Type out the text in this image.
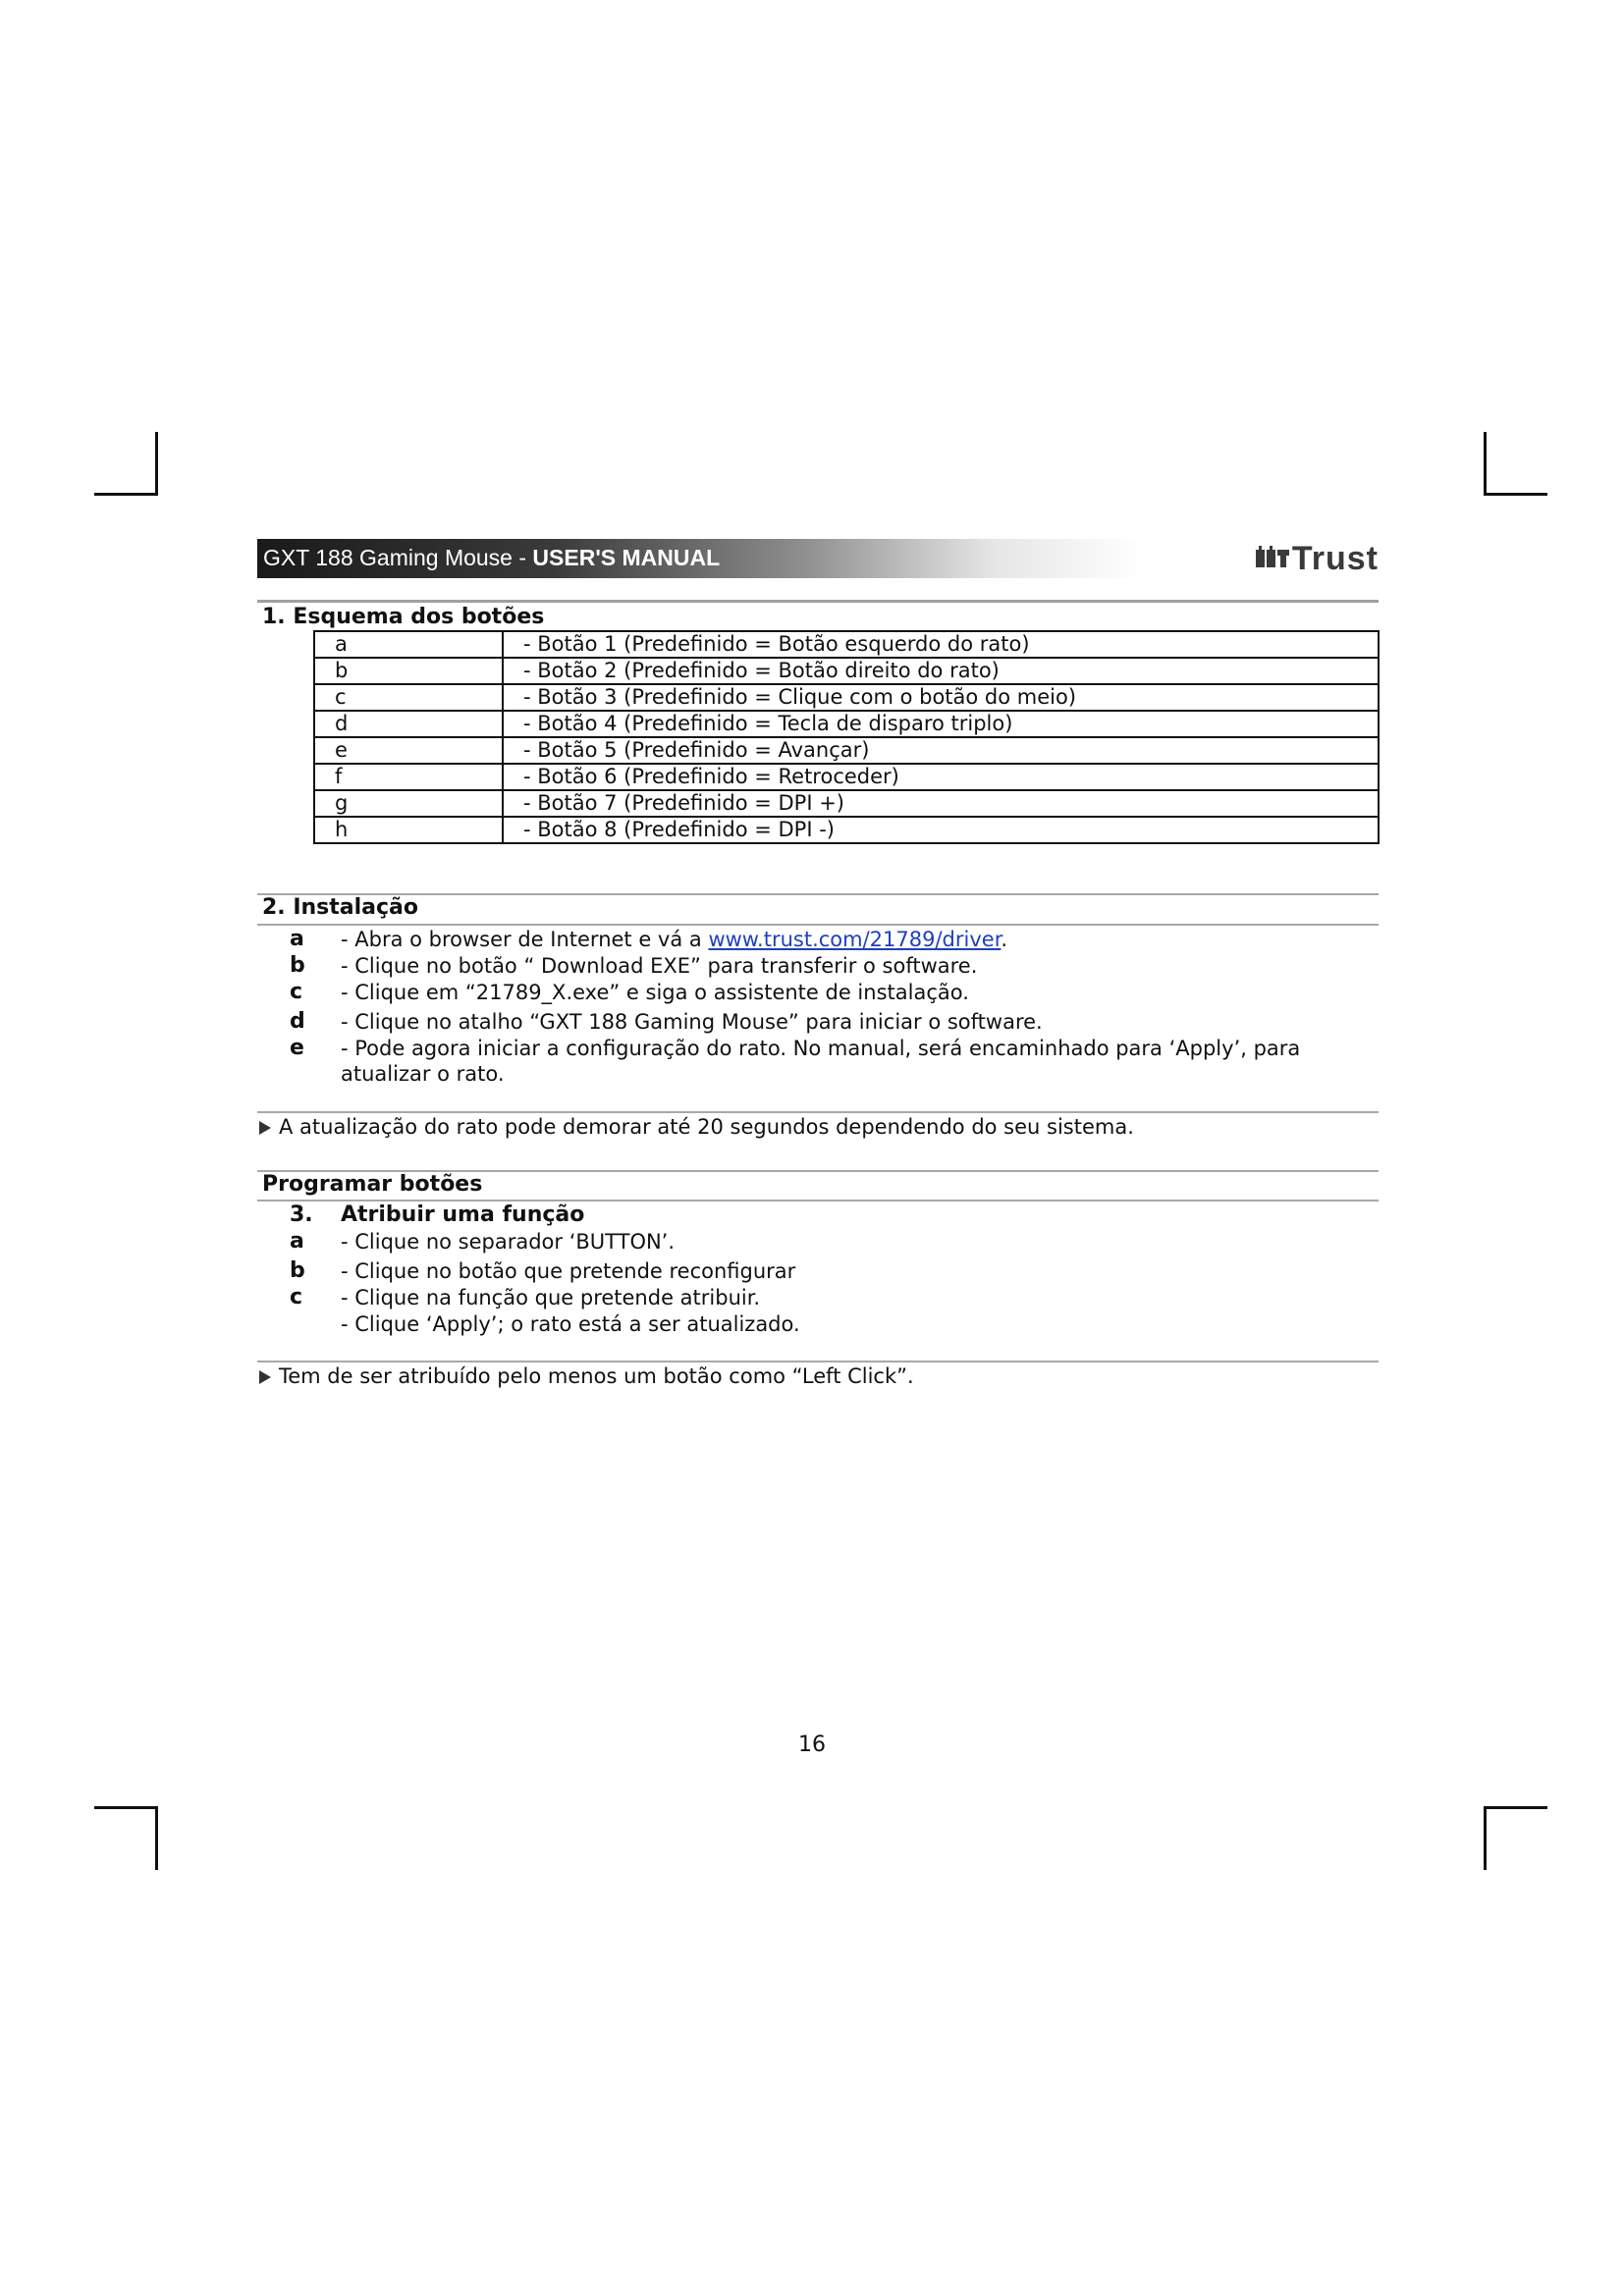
GXT 188 Gaming Mouse - USER'S MANUAL	Trust
1. Esquema dos botões
a	- Botão 1 (Predefinido = Botão esquerdo do rato)
b	- Botão 2 (Predefinido = Botão direito do rato)
c	- Botão 3 (Predefinido = Clique com o botão do meio)
d	- Botão 4 (Predefinido = Tecla de disparo triplo)
e	- Botão 5 (Predefinido = Avançar)
f	- Botão 6 (Predefinido = Retroceder)
g	- Botão 7 (Predefinido = DPI +)
h	- Botão 8 (Predefinido = DPI -)
2. Instalação
a	- Abra o browser de Internet e vá a www.trust.com/21789/driver.
b	- Clique no botão “ Download EXE” para transferir o software.
c	- Clique em “21789_X.exe” e siga o assistente de instalação.
d	- Clique no atalho “GXT 188 Gaming Mouse” para iniciar o software.
e	- Pode agora iniciar a configuração do rato. No manual, será encaminhado para ‘Apply’, para atualizar o rato.
A atualização do rato pode demorar até 20 segundos dependendo do seu sistema.
Programar botões
3. Atribuir uma função
a	- Clique no separador ‘BUTTON’.
b	- Clique no botão que pretende reconfigurar
c	- Clique na função que pretende atribuir.
- Clique ‘Apply’; o rato está a ser atualizado.
Tem de ser atribuído pelo menos um botão como “Left Click”.
16
